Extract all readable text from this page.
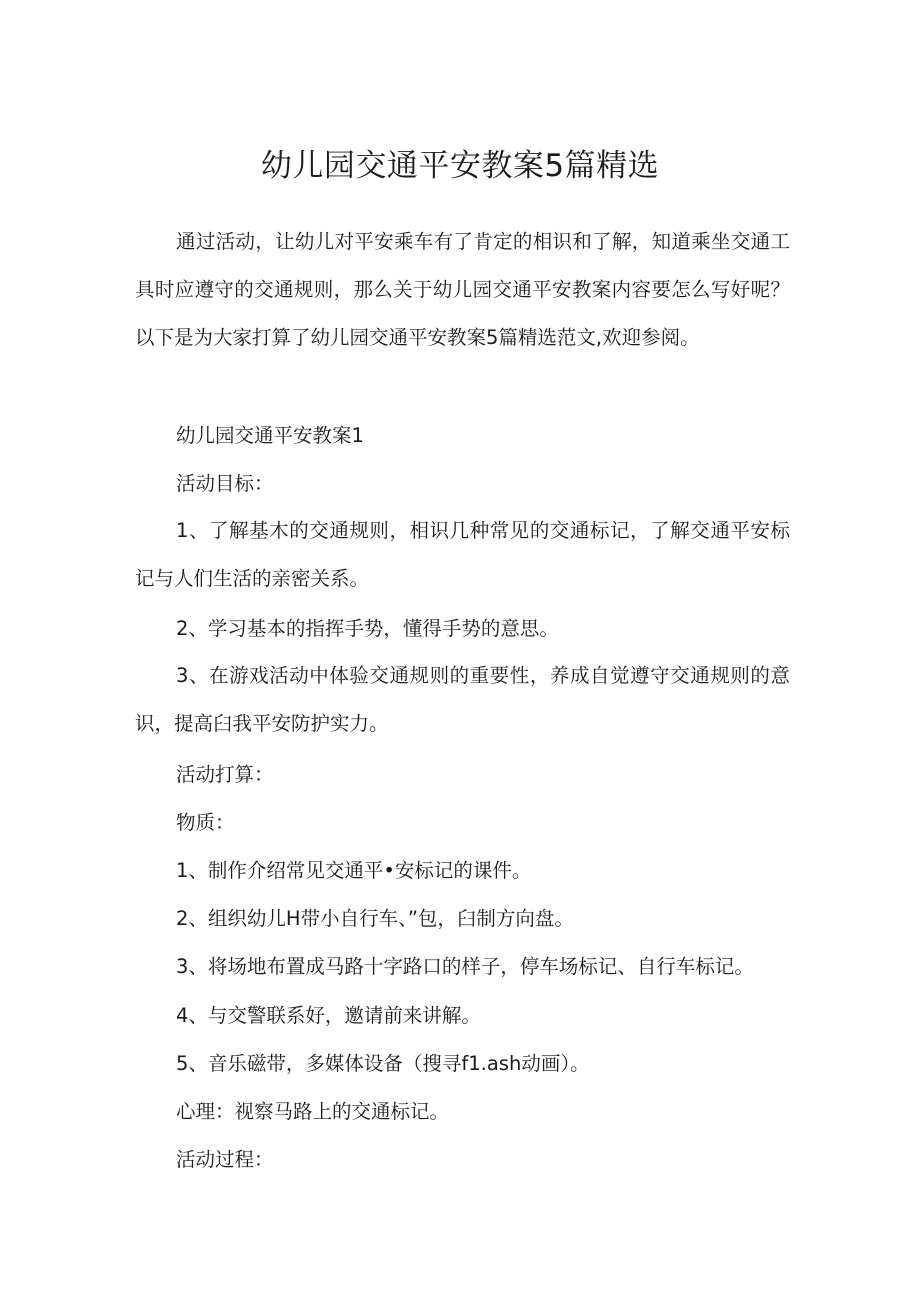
幼儿园交通平安教案5篇精选

通过活动，让幼儿对平安乘车有了肯定的相识和了解，知道乘坐交通工具时应遵守的交通规则，那么关于幼儿园交通平安教案内容要怎么写好呢？以下是为大家打算了幼儿园交通平安教案5篇精选范文,欢迎参阅。

幼儿园交通平安教案1

活动目标：

1、了解基木的交通规则，相识几种常见的交通标记，了解交通平安标记与人们生活的亲密关系。

2、学习基本的指挥手势，懂得手势的意思。

3、在游戏活动中体验交通规则的重要性，养成自觉遵守交通规则的意识，提高臼我平安防护实力。

活动打算：

物质：

1、制作介绍常见交通平•安标记的课件。

2、组织幼儿H带小自行车、”包，臼制方向盘。

3、将场地布置成马路十字路口的样子，停车场标记、自行车标记。

4、与交警联系好，邀请前来讲解。

5、音乐磁带，多媒体设备（搜寻f1.ash动画）。

心理：视察马路上的交通标记。

活动过程：
